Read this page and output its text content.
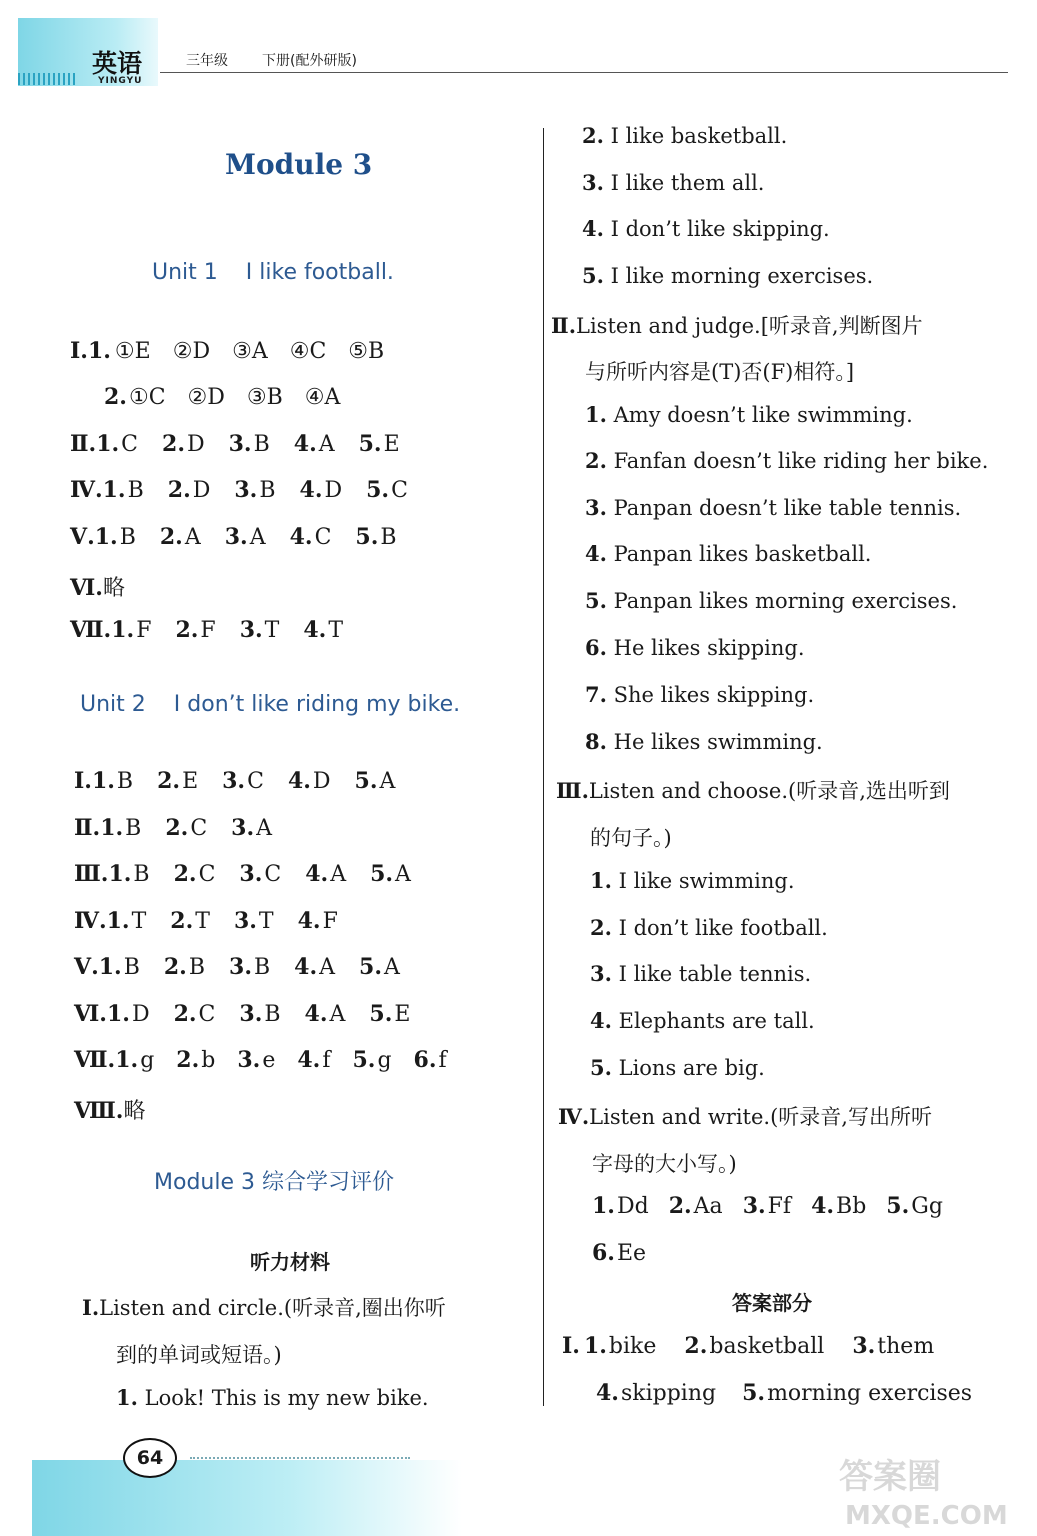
英语
YINGYU
三年级 下册(配外研版)
Module 3
Unit 1 I like football.
Ⅰ.1. ①E ②D ③A ④C ⑤B
2.①C ②D ③B ④A
Ⅱ.1.C 2.D 3.B 4.A 5.E
Ⅳ.1.B 2.D 3.B 4.D 5.C
Ⅴ.1.B 2.A 3.A 4.C 5.B
Ⅵ.略
Ⅶ.1.F 2.F 3.T 4.T
Unit 2 I don’t like riding my bike.
Ⅰ.1.B 2.E 3.C 4.D 5.A
Ⅱ.1.B 2.C 3.A
Ⅲ.1.B 2.C 3.C 4.A 5.A
Ⅳ.1.T 2.T 3.T 4.F
Ⅴ.1.B 2.B 3.B 4.A 5.A
Ⅵ.1.D 2.C 3.B 4.A 5.E
Ⅶ.1.g 2.b 3.e 4.f 5.g 6.f
Ⅷ.略
Module 3 综合学习评价
听力材料
Ⅰ.Listen and circle.(听录音,圈出你听
到的单词或短语。)
1. Look! This is my new bike.
2. I like basketball.
3. I like them all.
4. I don’t like skipping.
5. I like morning exercises.
Ⅱ.Listen and judge.[听录音,判断图片
与所听内容是(T)否(F)相符。]
1. Amy doesn’t like swimming.
2. Fanfan doesn’t like riding her bike.
3. Panpan doesn’t like table tennis.
4. Panpan likes basketball.
5. Panpan likes morning exercises.
6. He likes skipping.
7. She likes skipping.
8. He likes swimming.
Ⅲ.Listen and choose.(听录音,选出听到
的句子。)
1. I like swimming.
2. I don’t like football.
3. I like table tennis.
4. Elephants are tall.
5. Lions are big.
Ⅳ.Listen and write.(听录音,写出所听
字母的大小写。)
1.Dd 2.Aa 3.Ff 4.Bb 5.Gg
6.Ee
答案部分
Ⅰ. 1.bike 2.basketball 3.them
4.skipping 5.morning exercises
64	答案圈
MXQE.COM
